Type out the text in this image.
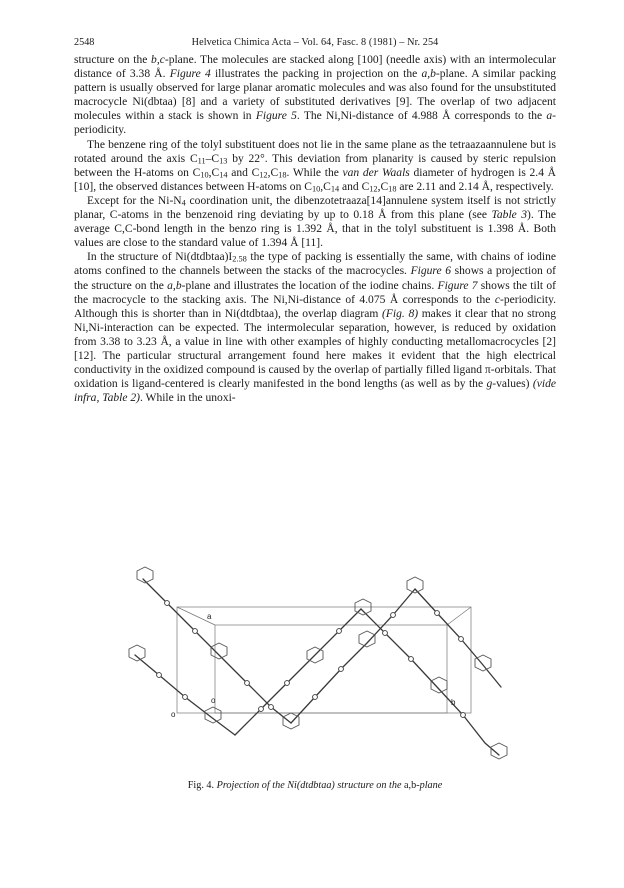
2548	Helvetica Chimica Acta – Vol. 64, Fasc. 8 (1981) – Nr. 254

structure on the b,c-plane. The molecules are stacked along [100] (needle axis) with an intermolecular distance of 3.38 Å. Figure 4 illustrates the packing in projection on the a,b-plane. A similar packing pattern is usually observed for large planar aromatic molecules and was also found for the unsubstituted macrocycle Ni(dbtaa) [8] and a variety of substituted derivatives [9]. The overlap of two adjacent molecules within a stack is shown in Figure 5. The Ni,Ni-distance of 4.988 Å corresponds to the a-periodicity.

The benzene ring of the tolyl substituent does not lie in the same plane as the tetraazaannulene but is rotated around the axis $C_{11}-C_{13}$ by 22°. This deviation from planarity is caused by steric repulsion between the H-atoms on $C_{10},C_{14}$ and $C_{12},C_{18}$. While the van der Waals diameter of hydrogen is 2.4 Å [10], the observed distances between H-atoms on $C_{10},C_{14}$ and $C_{12},C_{18}$ are 2.11 and 2.14 Å, respectively.

Except for the $Ni-N_4$ coordination unit, the dibenzotetraaza[14]annulene system itself is not strictly planar, C-atoms in the benzenoid ring deviating by up to 0.18 Å from this plane (see Table 3). The average C,C-bond length in the benzo ring is 1.392 Å, that in the tolyl substituent is 1.398 Å. Both values are close to the standard value of 1.394 Å [11].

In the structure of $Ni(dtdbtaa)I_{2.58}$ the type of packing is essentially the same, with chains of iodine atoms confined to the channels between the stacks of the macrocycles. Figure 6 shows a projection of the structure on the a,b-plane and illustrates the location of the iodine chains. Figure 7 shows the tilt of the macrocycle to the stacking axis. The Ni,Ni-distance of 4.075 Å corresponds to the c-periodicity. Although this is shorter than in Ni(dtdbtaa), the overlap diagram (Fig. 8) makes it clear that no strong Ni,Ni-interaction can be expected. The intermolecular separation, however, is reduced by oxidation from 3.38 to 3.23 Å, a value in line with other examples of highly conducting metallomacrocycles [2] [12]. The particular structural arrangement found here makes it evident that the high electrical conductivity in the oxidized compound is caused by the overlap of partially filled ligand π-orbitals. That oxidation is ligand-centered is clearly manifested in the bond lengths (as well as by the g-values) (vide infra, Table 2). While in the unoxi-

a
b
o
o
Fig. 4. Projection of the Ni(dtdbtaa) structure on the a,b-plane
